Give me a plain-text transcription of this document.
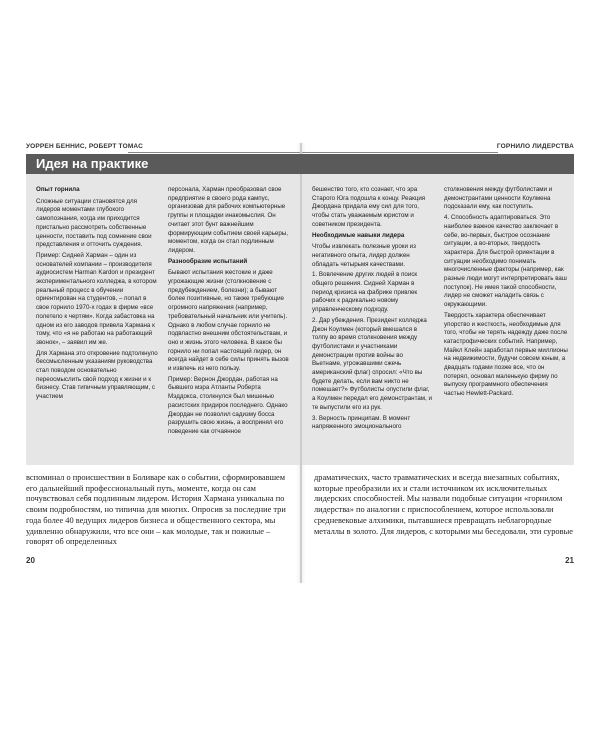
УОРРЕН БЕННИС, РОБЕРТ ТОМАС	ГОРНИЛО ЛИДЕРСТВА
Идея на практике

Опыт горнила

Сложные ситуации становятся для лидеров моментами глубокого самопознания, когда им приходится пристально рассмотреть собственные ценности, поставить под сомнение свои представления и отточить суждения.

Пример: Сидней Харман – один из основателей компании – производителя аудиосистем Harman Kardon и президент экспериментального колледжа, в котором реальный процесс в обучении ориентирован на студентов, – попал в свое горнило 1970-х годах в фирме «все полетело к чертям». Когда забастовка на одном из его заводов привела Хармана к тому, что «я не работаю на работающий звонок», – заявил им же.

Для Хармана это откровение подтолкнуло бессмысленным указаниям руководства стал поводом основательно переосмыслить свой подход к жизни и к бизнесу. Став типичным управляющим, с участием

персонала, Харман преобразовал свое предприятие в своего рода кампус, организовав для рабочих компьютерные группы и площадки инакомыслия. Он считает этот бунт важнейшим формирующим событием своей карьеры, моментом, когда он стал подлинным лидером.

Разнообразие испытаний

Бывают испытания жестокие и даже угрожающие жизни (столкновение с предубеждением, болезни); а бывают более позитивные, но также требующие огромного напряжения (например, требовательный начальник или учитель). Однако в любом случае горнило не подвластно внешним обстоятельствам, и оно и жизнь этого человека. В какое бы горнило ни попал настоящий лидер, он всегда найдет в себе силы принять вызов и извлечь из него пользу.

Пример: Вернон Джордан, работая на бывшего мэра Атланты Роберта Мэддокса, столкнулся был мишенью расистских придирок последнего. Однако Джордан не позволил садизму босса разрушить свою жизнь, а воспринял его поведение как отчаянное

бешенство того, кто сознает, что эра Старого Юга подошла к концу. Реакция Джордана придала ему сил для того, чтобы стать уважаемым юристом и советником президента.

Необходимые навыки лидера

Чтобы извлекать полезные уроки из негативного опыта, лидер должен обладать четырьмя качествами.

1. Вовлечение других людей в поиск общего решения. Сидней Харман в период кризиса на фабрике привлек рабочих к радикально новому управленческому подходу.

2. Дар убеждения. Президент колледжа Джон Коулмен (который вмешался в толпу во время столкновения между футболистами и участниками демонстрации против войны во Вьетнаме, угрожавшими сжечь американский флаг) спросил: «Что вы будете делать, если вам никто не помешает?» Футболисты опустили флаг, а Коулмен передал его демонстрантам, и те выпустили его из рук.

3. Верность принципам. В момент напряженного эмоционального

столкновения между футболистами и демонстрантами ценности Коулмена подсказали ему, как поступить.

4. Способность адаптироваться. Это наиболее важное качество заключает в себе, во-первых, быстрое осознание ситуации, а во-вторых, твердость характера. Для быстрой ориентации в ситуации необходимо понимать многочисленные факторы (например, как разные люди могут интерпретировать ваш поступок). Не имея такой способности, лидер не сможет наладить связь с окружающими.

Твердость характера обеспечивает упорство и жесткость, необходимые для того, чтобы не терять надежду даже после катастрофических событий. Например, Майкл Клейн заработал первые миллионы на недвижимости, будучи совсем юным, а двадцать годами позже все, что он потерял, основал маленькую фирму по выпуску программного обеспечения частью Hewlett-Packard.

вспоминал о происшествии в Боливаре как о событии, сформировавшем его дальнейший профессиональный путь, моменте, когда он сам почувствовал себя подлинным лидером. История Хармана уникальна по своим подробностям, но типична для многих. Опросив за последние три года более 40 ведущих лидеров бизнеса и общественного сектора, мы удивленно обнаружили, что все они – как молодые, так и пожилые – говорят об определенных

драматических, часто травматических и всегда внезапных событиях, которые преобразили их и стали источником их исключительных лидерских способностей. Мы назвали подобные ситуации «горнилом лидерства» по аналогии с приспособлением, которое использовали средневековые алхимики, пытавшиеся превращать неблагородные металлы в золото. Для лидеров, с которыми мы беседовали, эти суровые

20	21
